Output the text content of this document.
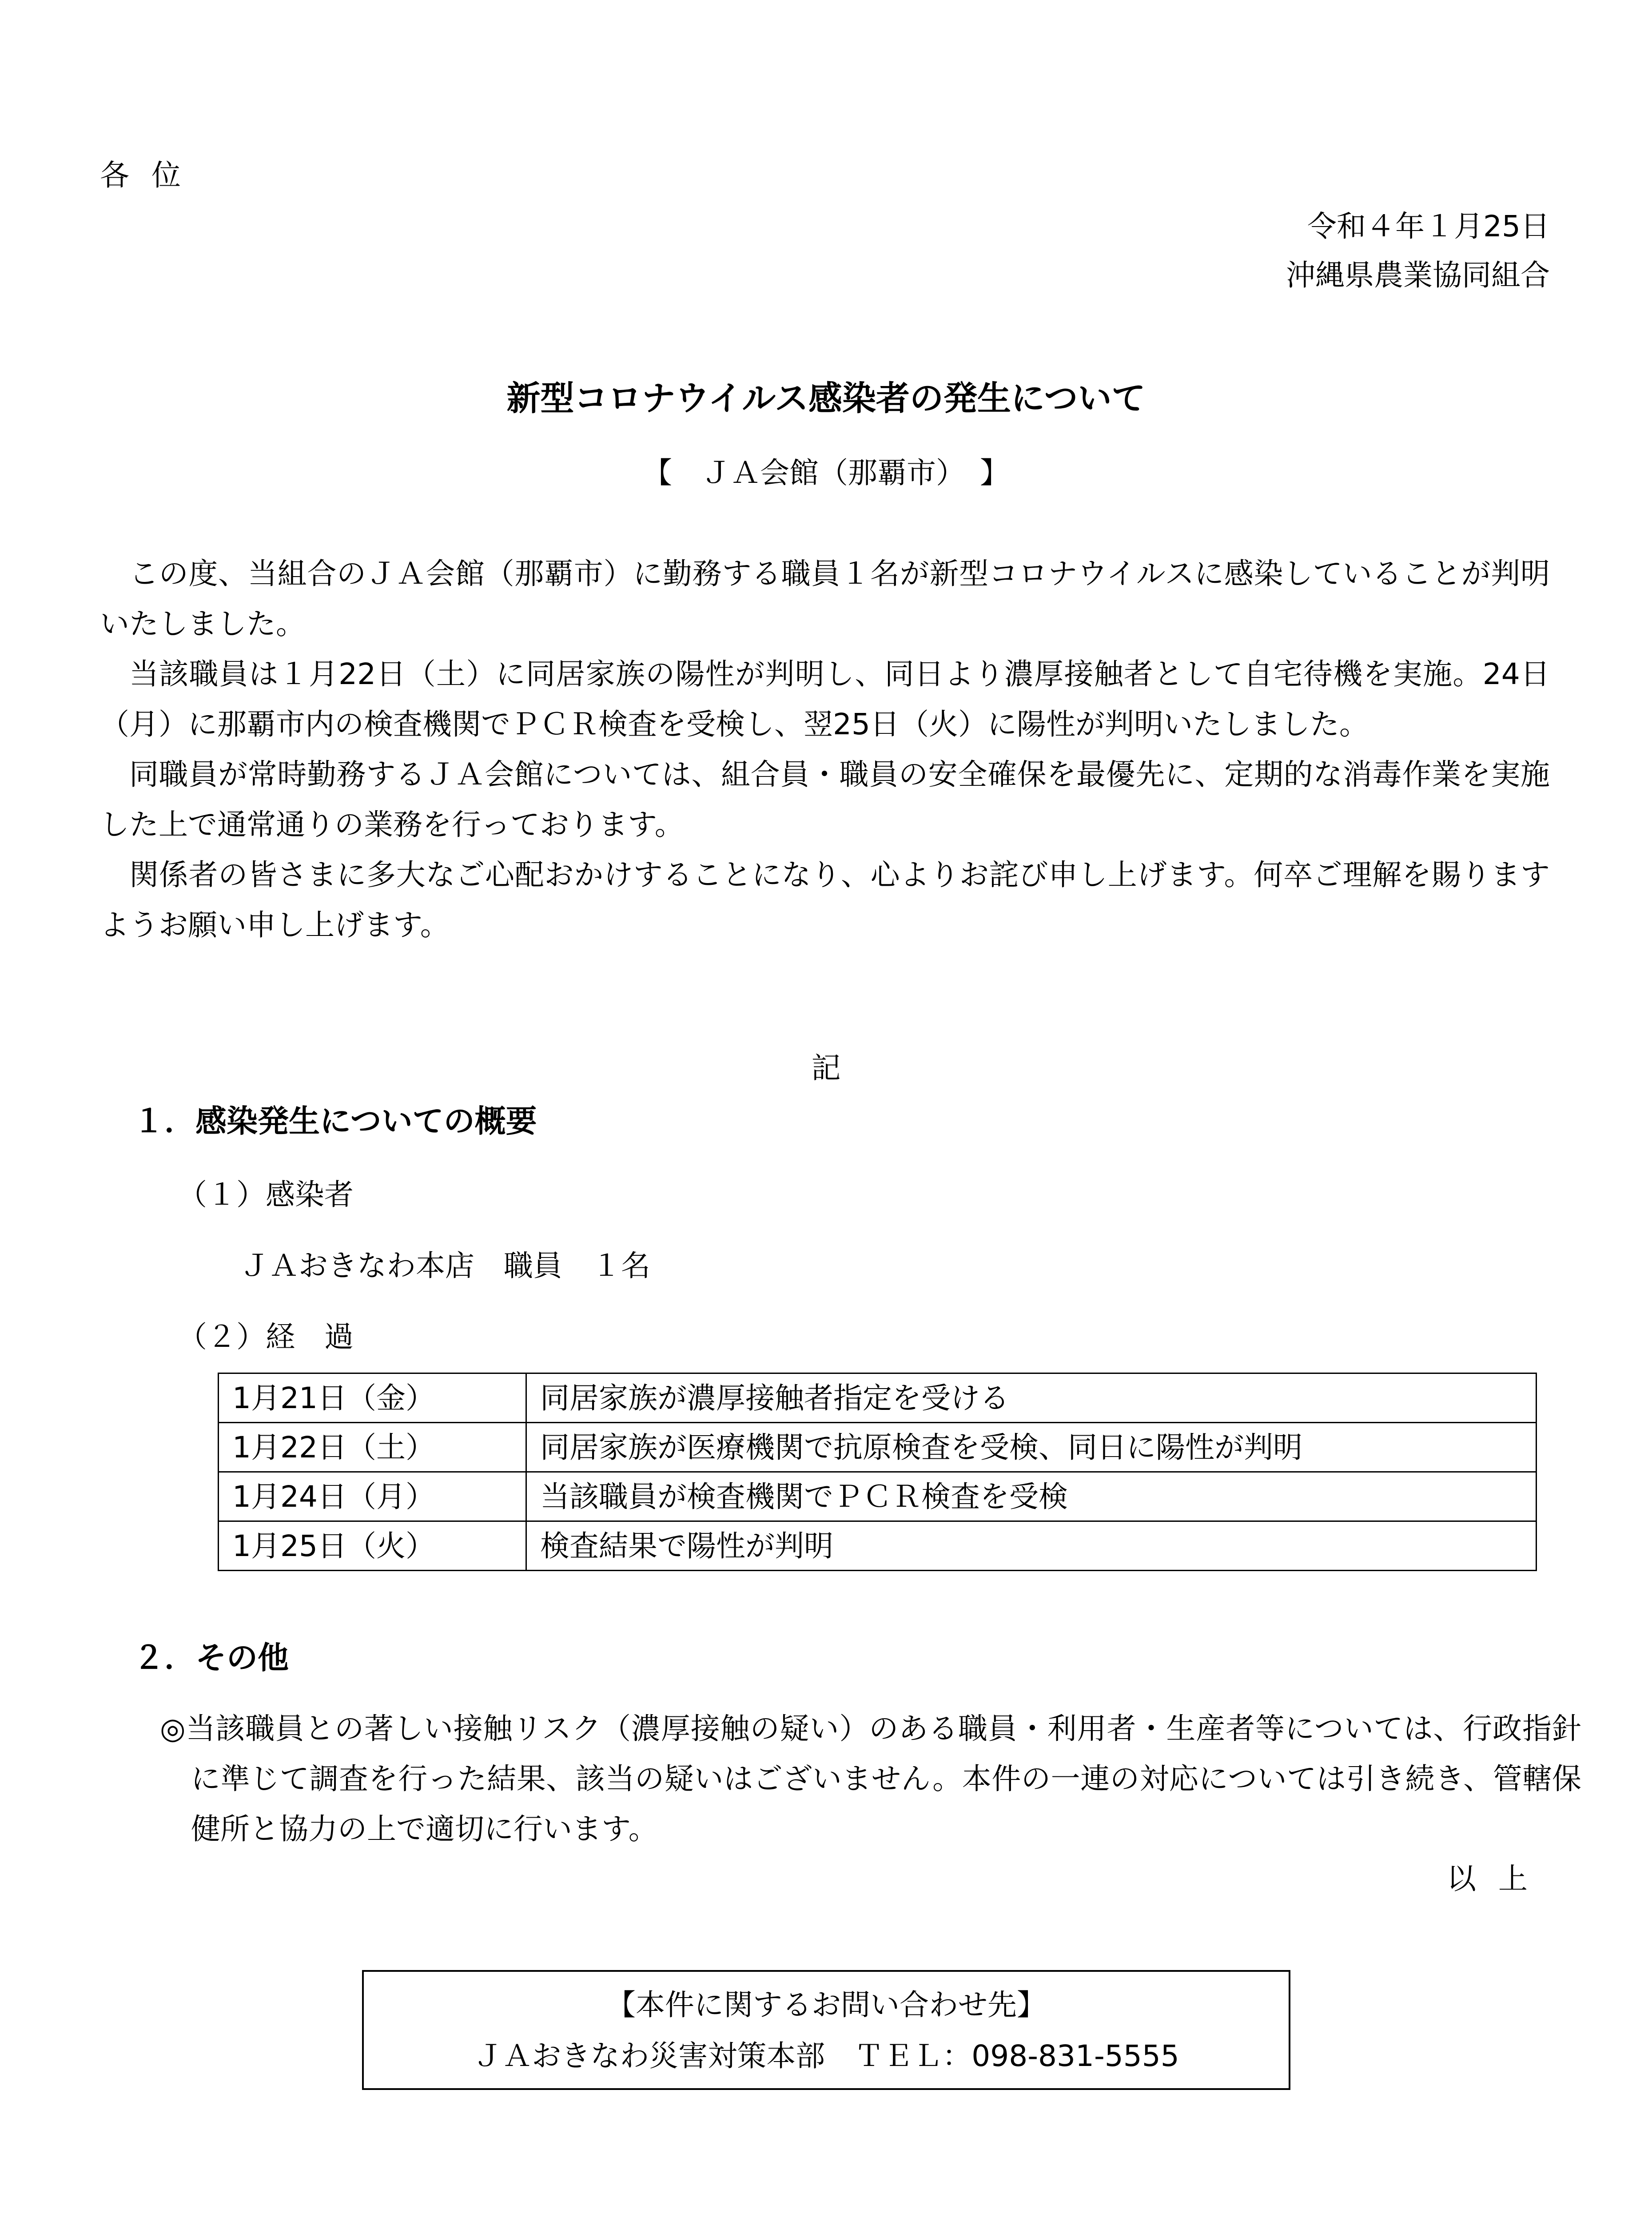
各位
令和４年１月25日
沖縄県農業協同組合
新型コロナウイルス感染者の発生について
【　ＪＡ会館（那覇市）　】

この度、当組合のＪＡ会館（那覇市）に勤務する職員１名が新型コロナウイルスに感染していることが判明いたしました。

当該職員は１月22日（土）に同居家族の陽性が判明し、同日より濃厚接触者として自宅待機を実施。24日（月）に那覇市内の検査機関でＰＣＲ検査を受検し、翌25日（火）に陽性が判明いたしました。

同職員が常時勤務するＪＡ会館については、組合員・職員の安全確保を最優先に、定期的な消毒作業を実施した上で通常通りの業務を行っております。

関係者の皆さまに多大なご心配おかけすることになり、心よりお詫び申し上げます。何卒ご理解を賜りますようお願い申し上げます。

記
１．感染発生についての概要
（１）感染者
ＪＡおきなわ本店　職員　１名
（２）経　過
1月21日（金）	同居家族が濃厚接触者指定を受ける
1月22日（土）	同居家族が医療機関で抗原検査を受検、同日に陽性が判明
1月24日（月）	当該職員が検査機関でＰＣＲ検査を受検
1月25日（火）	検査結果で陽性が判明
２．その他
◎当該職員との著しい接触リスク（濃厚接触の疑い）のある職員・利用者・生産者等については、行政指針に準じて調査を行った結果、該当の疑いはございません。本件の一連の対応については引き続き、管轄保健所と協力の上で適切に行います。
以上
【本件に関するお問い合わせ先】
ＪＡおきなわ災害対策本部　ＴＥＬ：098-831-5555
